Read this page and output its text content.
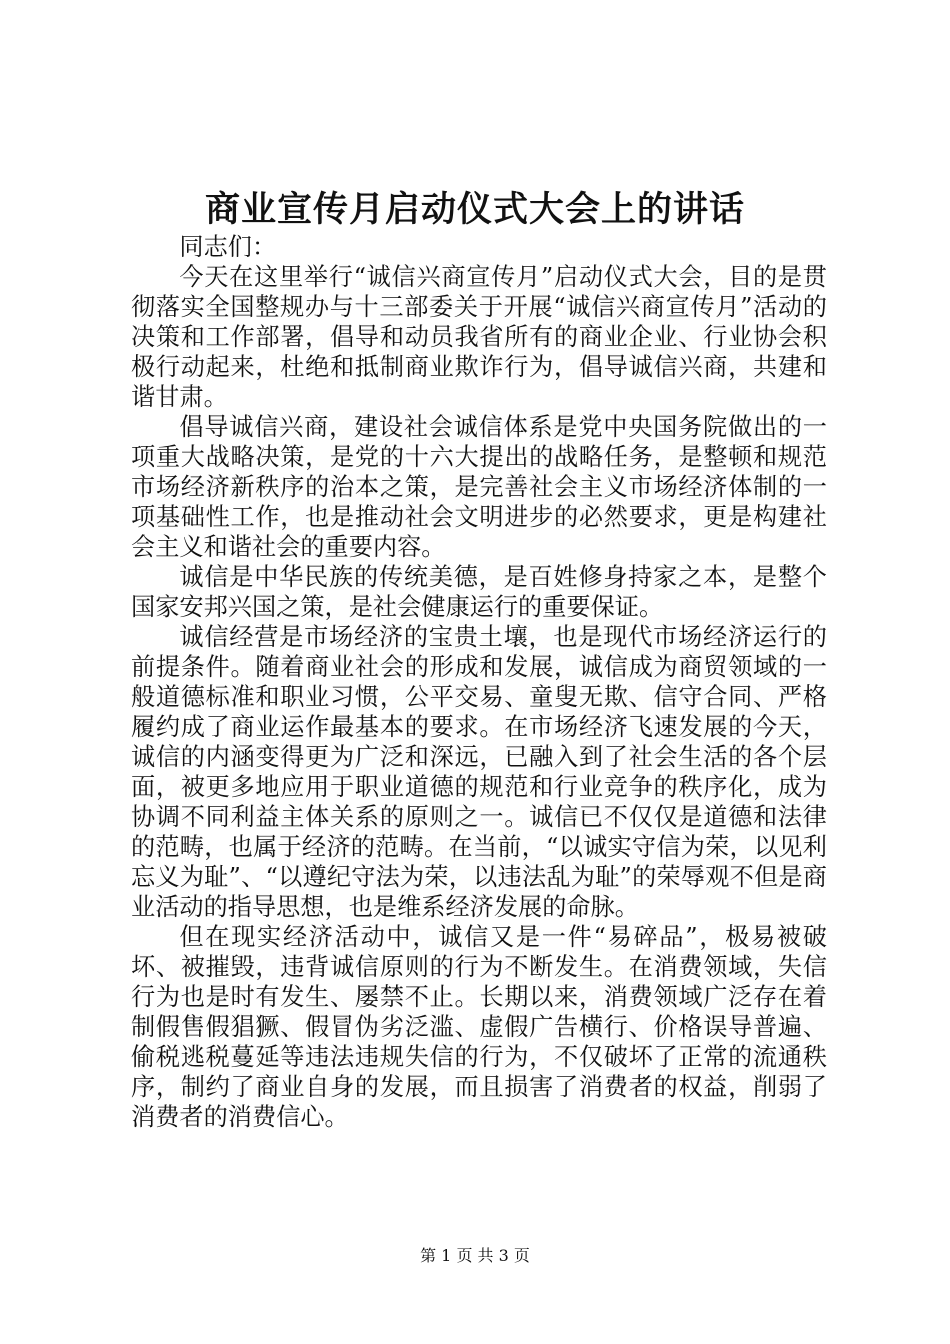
商业宣传月启动仪式大会上的讲话

同志们：

今天在这里举行“诚信兴商宣传月”启动仪式大会，目的是贯彻落实全国整规办与十三部委关于开展“诚信兴商宣传月”活动的决策和工作部署，倡导和动员我省所有的商业企业、行业协会积极行动起来，杜绝和抵制商业欺诈行为，倡导诚信兴商，共建和谐甘肃。

倡导诚信兴商，建设社会诚信体系是党中央国务院做出的一项重大战略决策，是党的十六大提出的战略任务，是整顿和规范市场经济新秩序的治本之策，是完善社会主义市场经济体制的一项基础性工作，也是推动社会文明进步的必然要求，更是构建社会主义和谐社会的重要内容。

诚信是中华民族的传统美德，是百姓修身持家之本，是整个国家安邦兴国之策，是社会健康运行的重要保证。

诚信经营是市场经济的宝贵土壤，也是现代市场经济运行的前提条件。随着商业社会的形成和发展，诚信成为商贸领域的一般道德标准和职业习惯，公平交易、童叟无欺、信守合同、严格履约成了商业运作最基本的要求。在市场经济飞速发展的今天，诚信的内涵变得更为广泛和深远，已融入到了社会生活的各个层面，被更多地应用于职业道德的规范和行业竞争的秩序化，成为协调不同利益主体关系的原则之一。诚信已不仅仅是道德和法律的范畴，也属于经济的范畴。在当前，“以诚实守信为荣，以见利忘义为耻”、“以遵纪守法为荣，以违法乱为耻”的荣辱观不但是商业活动的指导思想，也是维系经济发展的命脉。

但在现实经济活动中，诚信又是一件“易碎品”，极易被破坏、被摧毁，违背诚信原则的行为不断发生。在消费领域，失信行为也是时有发生、屡禁不止。长期以来，消费领域广泛存在着制假售假猖獗、假冒伪劣泛滥、虚假广告横行、价格误导普遍、偷税逃税蔓延等违法违规失信的行为，不仅破坏了正常的流通秩序，制约了商业自身的发展，而且损害了消费者的权益，削弱了消费者的消费信心。

第 1 页 共 3 页
